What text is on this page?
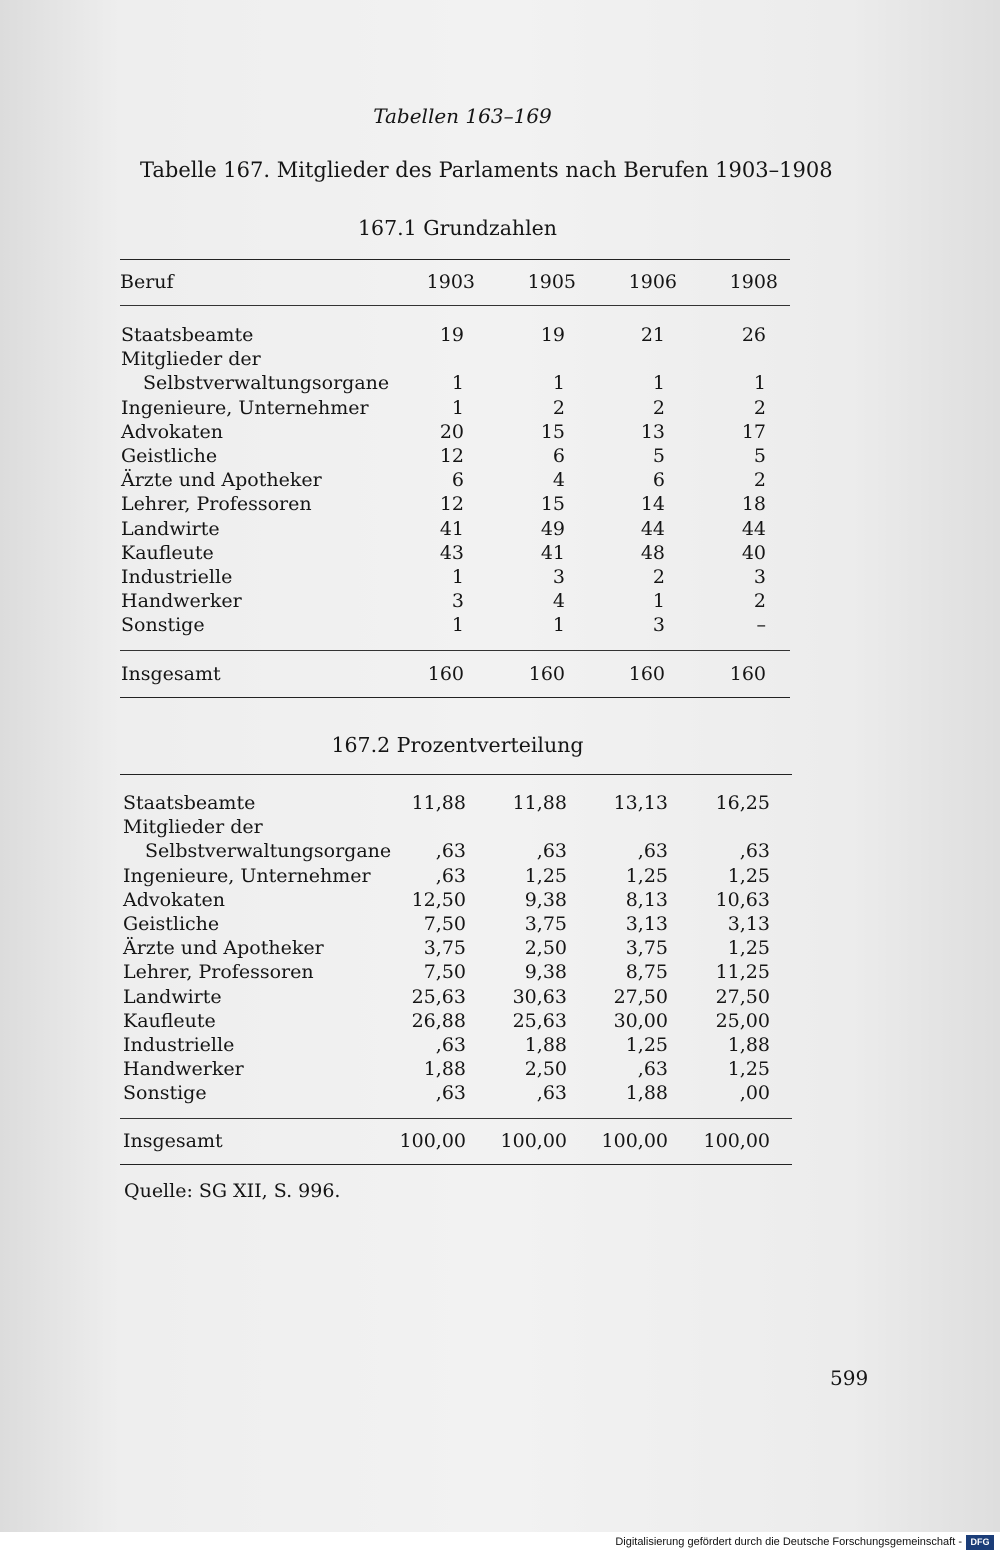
Tabellen 163–169
Tabelle 167. Mitglieder des Parlaments nach Berufen 1903–1908
167.1 Grundzahlen
Beruf	1903	1905	1906	1908
Staatsbeamte	19	19	21	26
Mitglieder der
Selbstverwaltungsorgane	1	1	1	1
Ingenieure, Unternehmer	1	2	2	2
Advokaten	20	15	13	17
Geistliche	12	6	5	5
Ärzte und Apotheker	6	4	6	2
Lehrer, Professoren	12	15	14	18
Landwirte	41	49	44	44
Kaufleute	43	41	48	40
Industrielle	1	3	2	3
Handwerker	3	4	1	2
Sonstige	1	1	3	–
Insgesamt	160	160	160	160
167.2 Prozentverteilung
Staatsbeamte	11,88	11,88	13,13	16,25
Mitglieder der
Selbstverwaltungsorgane	,63	,63	,63	,63
Ingenieure, Unternehmer	,63	1,25	1,25	1,25
Advokaten	12,50	9,38	8,13	10,63
Geistliche	7,50	3,75	3,13	3,13
Ärzte und Apotheker	3,75	2,50	3,75	1,25
Lehrer, Professoren	7,50	9,38	8,75	11,25
Landwirte	25,63	30,63	27,50	27,50
Kaufleute	26,88	25,63	30,00	25,00
Industrielle	,63	1,88	1,25	1,88
Handwerker	1,88	2,50	,63	1,25
Sonstige	,63	,63	1,88	,00
Insgesamt	100,00	100,00	100,00	100,00
Quelle: SG XII, S. 996.
599
Digitalisierung gefördert durch die Deutsche Forschungsgemeinschaft - DFG
